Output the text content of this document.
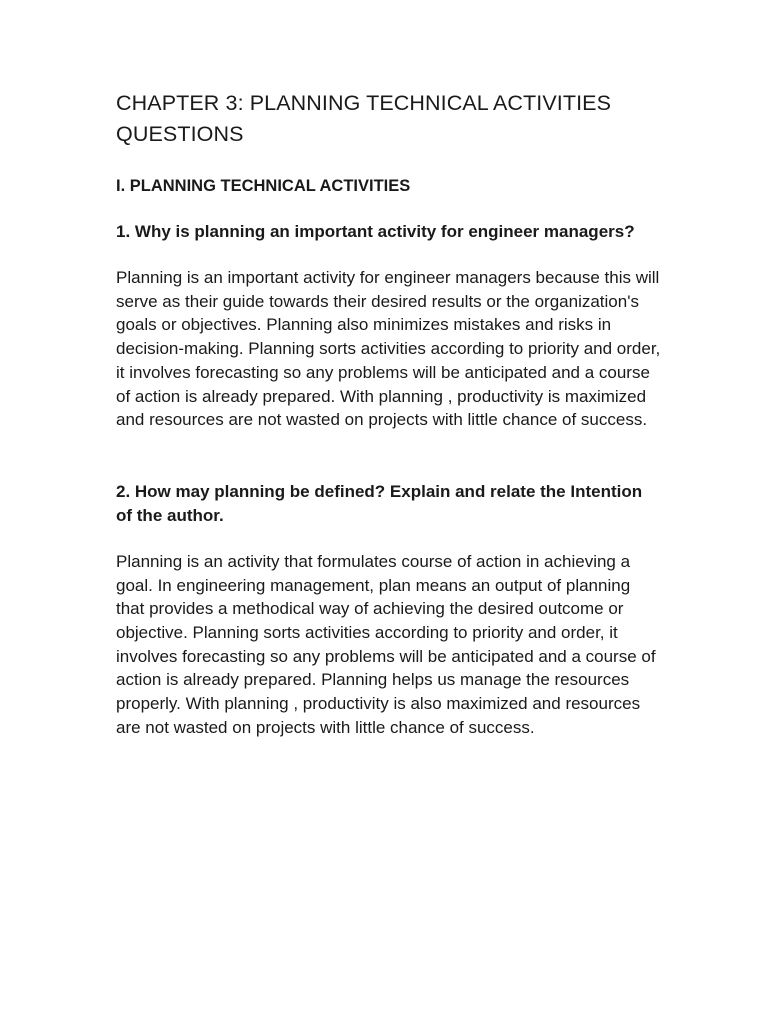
CHAPTER 3: PLANNING TECHNICAL ACTIVITIES QUESTIONS
I. PLANNING TECHNICAL ACTIVITIES

1. Why is planning an important activity for engineer managers?

Planning is an important activity for engineer managers because this will serve as their guide towards their desired results or the organization's goals or objectives. Planning also minimizes mistakes and risks in decision-making. Planning sorts activities according to priority and order, it involves forecasting so any problems will be anticipated and a course of action is already prepared. With planning , productivity is maximized and resources are not wasted on projects with little chance of success.

2. How may planning be defined? Explain and relate the Intention of the author.

Planning is an activity that formulates course of action in achieving a goal. In engineering management, plan means an output of planning that provides a methodical way of achieving the desired outcome or objective. Planning sorts activities according to priority and order, it involves forecasting so any problems will be anticipated and a course of action is already prepared. Planning helps us manage the resources properly. With planning , productivity is also maximized and resources are not wasted on projects with little chance of success.
